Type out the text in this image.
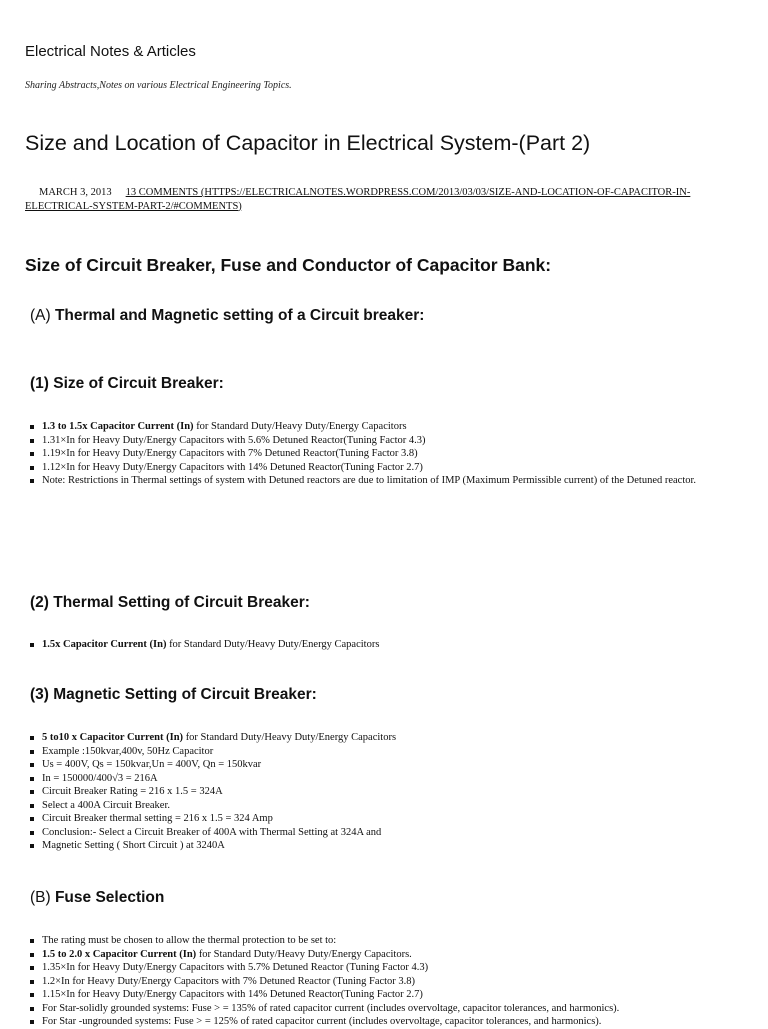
Electrical Notes & Articles
Sharing Abstracts,Notes on various Electrical Engineering Topics.
Size and Location of Capacitor in Electrical System-(Part 2)
MARCH 3, 2013 13 COMMENTS (HTTPS://ELECTRICALNOTES.WORDPRESS.COM/2013/03/03/SIZE-AND-LOCATION-OF-CAPACITOR-IN-ELECTRICAL-SYSTEM-PART-2/#COMMENTS)
Size of Circuit Breaker, Fuse and Conductor of Capacitor Bank:
(A) Thermal and Magnetic setting of a Circuit breaker:
(1) Size of Circuit Breaker:
1.3 to 1.5x Capacitor Current (In) for Standard Duty/Heavy Duty/Energy Capacitors
1.31×In for Heavy Duty/Energy Capacitors with 5.6% Detuned Reactor(Tuning Factor 4.3)
1.19×In for Heavy Duty/Energy Capacitors with 7% Detuned Reactor(Tuning Factor 3.8)
1.12×In for Heavy Duty/Energy Capacitors with 14% Detuned Reactor(Tuning Factor 2.7)
Note: Restrictions in Thermal settings of system with Detuned reactors are due to limitation of IMP (Maximum Permissible current) of the Detuned reactor.
(2) Thermal Setting of Circuit Breaker:
1.5x Capacitor Current (In) for Standard Duty/Heavy Duty/Energy Capacitors
(3) Magnetic Setting of Circuit Breaker:
5 to10 x Capacitor Current (In) for Standard Duty/Heavy Duty/Energy Capacitors
Example :150kvar,400v, 50Hz Capacitor
Us = 400V, Qs = 150kvar,Un = 400V, Qn = 150kvar
In = 150000/400√3 = 216A
Circuit Breaker Rating = 216 x 1.5 = 324A
Select a 400A Circuit Breaker.
Circuit Breaker thermal setting = 216 x 1.5 = 324 Amp
Conclusion:- Select a Circuit Breaker of 400A with Thermal Setting at 324A and
Magnetic Setting ( Short Circuit ) at 3240A
(B) Fuse Selection
The rating must be chosen to allow the thermal protection to be set to:
1.5 to 2.0 x Capacitor Current (In) for Standard Duty/Heavy Duty/Energy Capacitors.
1.35×In for Heavy Duty/Energy Capacitors with 5.7% Detuned Reactor (Tuning Factor 4.3)
1.2×In for Heavy Duty/Energy Capacitors with 7% Detuned Reactor (Tuning Factor 3.8)
1.15×In for Heavy Duty/Energy Capacitors with 14% Detuned Reactor(Tuning Factor 2.7)
For Star-solidly grounded systems: Fuse > = 135% of rated capacitor current (includes overvoltage, capacitor tolerances, and harmonics).
For Star -ungrounded systems: Fuse > = 125% of rated capacitor current (includes overvoltage, capacitor tolerances, and harmonics).
